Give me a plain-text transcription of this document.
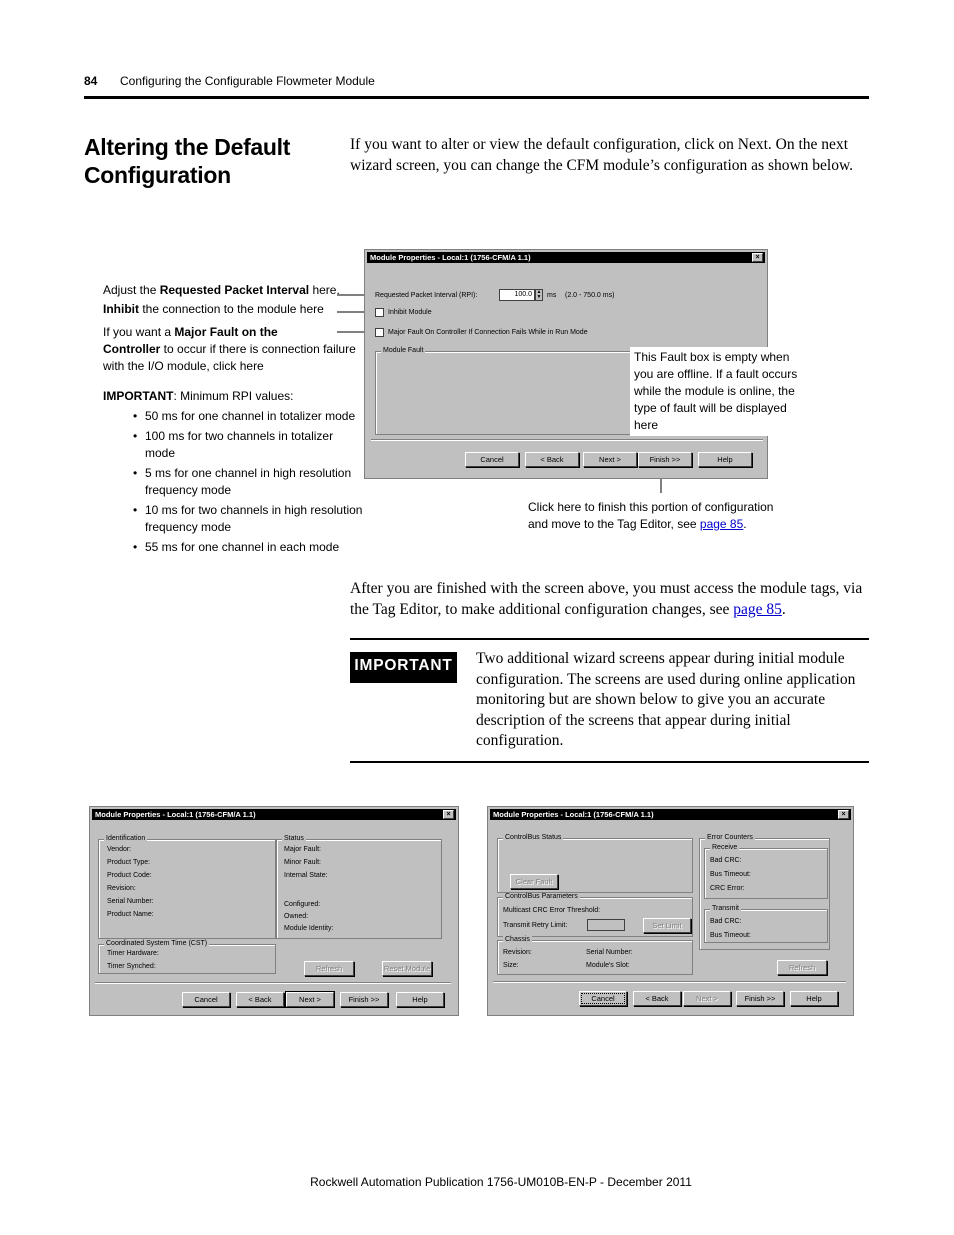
84 Configuring the Configurable Flowmeter Module
Altering the Default Configuration
If you want to alter or view the default configuration, click on Next. On the next wizard screen, you can change the CFM module’s configuration as shown below.
Module Properties - Local:1 (1756-CFM/A 1.1)	×
Requested Packet Interval (RPI):	100.0 ▲
▼ ms (2.0 - 750.0 ms)
Inhibit Module
Major Fault On Controller If Connection Fails While in Run Mode
Module Fault
Cancel	< Back	Next >	Finish >>	Help
This Fault box is empty when you are offline. If a fault occurs while the module is online, the type of fault will be displayed here
Adjust the Requested Packet Interval here.
Inhibit the connection to the module here
If you want a Major Fault on the
Controller to occur if there is connection failure with the I/O module, click here
IMPORTANT: Minimum RPI values:
• 50 ms for one channel in totalizer mode
• 100 ms for two channels in totalizer mode
• 5 ms for one channel in high resolution frequency mode
• 10 ms for two channels in high resolution frequency mode
• 55 ms for one channel in each mode
Click here to finish this portion of configuration and move to the Tag Editor, see page 85.
After you are finished with the screen above, you must access the module tags, via the Tag Editor, to make additional configuration changes, see page 85.
IMPORTANT Two additional wizard screens appear during initial module configuration. The screens are used during online application monitoring but are shown below to give you an accurate description of the screens that appear during initial configuration.
Module Properties - Local:1 (1756-CFM/A 1.1)	×
Identification
Vendor:
Product Type:
Product Code:
Revision:
Serial Number:
Product Name:
Status
Major Fault:
Minor Fault:
Internal State:
Configured:
Owned:
Module Identity:
Coordinated System Time (CST)
Timer Hardware:
Timer Synched:	Refresh	Reset Module
Cancel	< Back	Next >	Finish >>	Help
Module Properties - Local:1 (1756-CFM/A 1.1)	×
ControlBus Status
Clear Fault
ControlBus Parameters
Multicast CRC Error Threshold:
Transmit Retry Limit:	Set Limit
Chassis
Revision:
Size:
Serial Number:
Module's Slot:
Error Counters
Receive
Bad CRC:
Bus Timeout:
CRC Error:
Transmit
Bad CRC:
Bus Timeout:
Refresh
Cancel	< Back	Next >	Finish >>	Help
Rockwell Automation Publication 1756-UM010B-EN-P - December 2011
